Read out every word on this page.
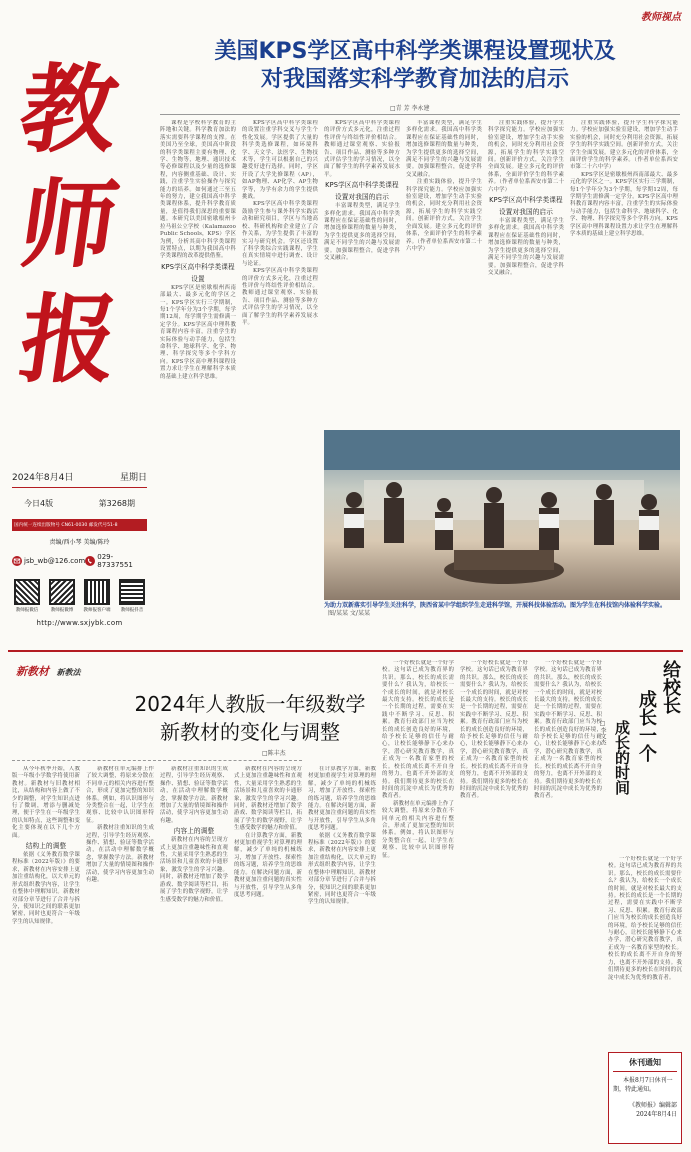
教师视点
教
师
报
2024年8月4日	星期日
今日4版	第3268期
国内统一连续出版物号 CN61-0030 邮发代号51-8
责编/西小琴 美编/陈玲
jsb_wb@126.com 029-87337551
教师报微信	教师报微博	教师报客户端	教师报抖音
http://www.sxjybk.com
美国KPS学区高中科学类课程设置现状及
对我国落实科学教育加法的启示
□青 芳 李永建

课程是学校科学教育的主阵地和关键。科学教育加法的落实需要科学课程的支撑。在美国乃至全球，美国高中阶段的科学类课程主要有物理、化学、生物等，地理、通识技术等必修课程以及少量的选修课程，内容侧重基础、设计、实践，注重学生实验操作与探究能力的培养。如何通过三至五年的努力，建立我国高中科学类课程体系，提升科学教育质量，是值得我们深思的重要课题。本研究以美国密歇根州卡拉马祖公立学校（Kalamazoo Public Schools，KPS）学区为例，分析其高中科学类课程设置特点，以期为我国高中科学类课程的改革提供借鉴。

KPS学区高中科学类课程设置

KPS学区是密歇根州西南部最大、最多元化的学区之一。KPS学区实行三学期制，每1个学年分为3个学期，每学期12周，每学期学生需修满一定学分。KPS学区高中理科教育课程内容丰富，注重学生的实际体验与动手能力，包括生命科学、地球科学、化学、物理、科学探究等多个学科方向。KPS学区高中理科课程设置力求让学生在理解科学本质的基础上建立科学思维。

KPS学区高中科学类课程的设置注重学科交叉与学生个性化发展。学区提供了大量的科学类选修课程，如环境科学、天文学、法医学、生物技术等，学生可以根据自己的兴趣爱好进行选择。同时，学区开设了大学先修课程（AP），如AP物理、AP化学、AP生物学等，为学有余力的学生提供挑战。

KPS学区高中科学类课程鼓励学生参与课外科学实践活动和研究项目，学区与当地高校、科研机构和企业建立了合作关系，为学生提供了丰富的实习与研究机会。学区还设置了科学类综合实践课程，学生在真实情境中进行调查、设计与论证。

KPS学区高中科学类课程的评价方式多元化，注重过程性评价与终结性评价相结合。教师通过课堂观察、实验报告、项目作品、测验等多种方式评估学生的学习情况，以全面了解学生的科学素养发展水平。

KPS学区高中科学类课程的评价方式多元化，注重过程性评价与终结性评价相结合。教师通过课堂观察、实验报告、项目作品、测验等多种方式评估学生的学习情况，以全面了解学生的科学素养发展水平。

KPS学区高中科学类课程设置对我国的启示

丰富课程类型，满足学生多样化需求。我国高中科学类课程应在保证基础性的同时，增加选修课程的数量与种类，为学生提供更多的选择空间，满足不同学生的兴趣与发展需要。加强课程整合，促进学科交叉融合。

丰富课程类型，满足学生多样化需求。我国高中科学类课程应在保证基础性的同时，增加选修课程的数量与种类，为学生提供更多的选择空间，满足不同学生的兴趣与发展需要。加强课程整合，促进学科交叉融合。

注重实践体验，提升学生科学探究能力。学校应加强实验室建设，增加学生动手实验的机会，同时充分利用社会资源，拓展学生的科学实践空间。创新评价方式，关注学生全面发展。建立多元化的评价体系，全面评价学生的科学素养。（作者单位系西安市第二十六中学）

注重实践体验，提升学生科学探究能力。学校应加强实验室建设，增加学生动手实验的机会，同时充分利用社会资源，拓展学生的科学实践空间。创新评价方式，关注学生全面发展。建立多元化的评价体系，全面评价学生的科学素养。（作者单位系西安市第二十六中学）

KPS学区高中科学类课程设置对我国的启示

丰富课程类型，满足学生多样化需求。我国高中科学类课程应在保证基础性的同时，增加选修课程的数量与种类，为学生提供更多的选择空间，满足不同学生的兴趣与发展需要。加强课程整合，促进学科交叉融合。

注重实践体验，提升学生科学探究能力。学校应加强实验室建设，增加学生动手实验的机会，同时充分利用社会资源，拓展学生的科学实践空间。创新评价方式，关注学生全面发展。建立多元化的评价体系，全面评价学生的科学素养。（作者单位系西安市第二十六中学）

KPS学区是密歇根州西南部最大、最多元化的学区之一。KPS学区实行三学期制，每1个学年分为3个学期，每学期12周，每学期学生需修满一定学分。KPS学区高中理科教育课程内容丰富，注重学生的实际体验与动手能力，包括生命科学、地球科学、化学、物理、科学探究等多个学科方向。KPS学区高中理科课程设置力求让学生在理解科学本质的基础上建立科学思维。

为助力双新落实引导学生关注科学，陕西省某中学组织学生走进科学馆，开展科技体验活动。图为学生在科技馆内体验科学实验。 图/某某 文/某某
新教材 新教法
2024年人教版一年级数学
新教材的变化与调整
□陈丰杰

从今年秋季开始，人教版一年级小学数学将使用新教材。新教材与旧教材相比，从结构和内容上做了不少的调整，对学生知识点进行了微调，增添与删减处理，便于学生在一年级学生的认知特点，这些调整和变化主要体现在以下几个方面。

结构上的调整

依据《义务教育数学课程标准（2022年版）》的要求，新教材在内容安排上更加注重结构化，以大单元的形式组织教学内容，让学生在整体中理解知识。新教材对部分章节进行了合并与拆分，使知识之间的联系更加紧密，同时也更符合一年级学生的认知规律。

新教材在单元编排上作了较大调整，将原来分散在不同单元的相关内容进行整合，形成了更加完整的知识体系。例如，将认识图形与分类整合在一起，让学生在观察、比较中认识图形特征。

新教材注重知识的生成过程，引导学生经历观察、操作、猜想、验证等数学活动，在活动中理解数学概念，掌握数学方法。新教材增加了大量的情境图和操作活动，使学习内容更加生动有趣。

新教材注重知识的生成过程，引导学生经历观察、操作、猜想、验证等数学活动，在活动中理解数学概念，掌握数学方法。新教材增加了大量的情境图和操作活动，使学习内容更加生动有趣。

内容上的调整

新教材在内容的呈现方式上更加注重趣味性和直观性，大量采用学生熟悉的生活场景和儿童喜欢的卡通形象，激发学生的学习兴趣。同时，新教材还增加了数学游戏、数学阅读等栏目，拓展了学生的数学视野，让学生感受数学的魅力和价值。

新教材在内容的呈现方式上更加注重趣味性和直观性，大量采用学生熟悉的生活场景和儿童喜欢的卡通形象，激发学生的学习兴趣。同时，新教材还增加了数学游戏、数学阅读等栏目，拓展了学生的数学视野，让学生感受数学的魅力和价值。

在计算教学方面，新教材更加重视学生对算理的理解，减少了单纯的机械练习，增加了开放性、探索性的练习题，培养学生的思维能力。在解决问题方面，新教材更加注重问题的真实性与开放性，引导学生从多角度思考问题。

在计算教学方面，新教材更加重视学生对算理的理解，减少了单纯的机械练习，增加了开放性、探索性的练习题，培养学生的思维能力。在解决问题方面，新教材更加注重问题的真实性与开放性，引导学生从多角度思考问题。

依据《义务教育数学课程标准（2022年版）》的要求，新教材在内容安排上更加注重结构化，以大单元的形式组织教学内容，让学生在整体中理解知识。新教材对部分章节进行了合并与拆分，使知识之间的联系更加紧密，同时也更符合一年级学生的认知规律。

一个好校长就是一个好学校。这句话已成为教育界的共识。那么，校长的成长需要什么？我认为，给校长一个成长的时间，就是对校长最大的支持。校长的成长是一个长期的过程，需要在实践中不断学习、反思、积累。教育行政部门应当为校长的成长创造良好的环境，给予校长足够的信任与耐心，让校长能够静下心来办学，潜心研究教育教学，真正成为一名教育家型的校长。校长的成长离不开自身的努力，也离不开外部的支持。我们期待更多的校长在时间的沉淀中成长为优秀的教育者。

新教材在单元编排上作了较大调整，将原来分散在不同单元的相关内容进行整合，形成了更加完整的知识体系。例如，将认识图形与分类整合在一起，让学生在观察、比较中认识图形特征。

给校长
成长一个
成长的时间
□李文杰

一个好校长就是一个好学校。这句话已成为教育界的共识。那么，校长的成长需要什么？我认为，给校长一个成长的时间，就是对校长最大的支持。校长的成长是一个长期的过程，需要在实践中不断学习、反思、积累。教育行政部门应当为校长的成长创造良好的环境，给予校长足够的信任与耐心，让校长能够静下心来办学，潜心研究教育教学，真正成为一名教育家型的校长。校长的成长离不开自身的努力，也离不开外部的支持。我们期待更多的校长在时间的沉淀中成长为优秀的教育者。

一个好校长就是一个好学校。这句话已成为教育界的共识。那么，校长的成长需要什么？我认为，给校长一个成长的时间，就是对校长最大的支持。校长的成长是一个长期的过程，需要在实践中不断学习、反思、积累。教育行政部门应当为校长的成长创造良好的环境，给予校长足够的信任与耐心，让校长能够静下心来办学，潜心研究教育教学，真正成为一名教育家型的校长。校长的成长离不开自身的努力，也离不开外部的支持。我们期待更多的校长在时间的沉淀中成长为优秀的教育者。

一个好校长就是一个好学校。这句话已成为教育界的共识。那么，校长的成长需要什么？我认为，给校长一个成长的时间，就是对校长最大的支持。校长的成长是一个长期的过程，需要在实践中不断学习、反思、积累。教育行政部门应当为校长的成长创造良好的环境，给予校长足够的信任与耐心，让校长能够静下心来办学，潜心研究教育教学，真正成为一名教育家型的校长。校长的成长离不开自身的努力，也离不开外部的支持。我们期待更多的校长在时间的沉淀中成长为优秀的教育者。

休刊通知
本报8月7日休刊一期，特此通知。
《教师报》编辑部
2024年8月4日
